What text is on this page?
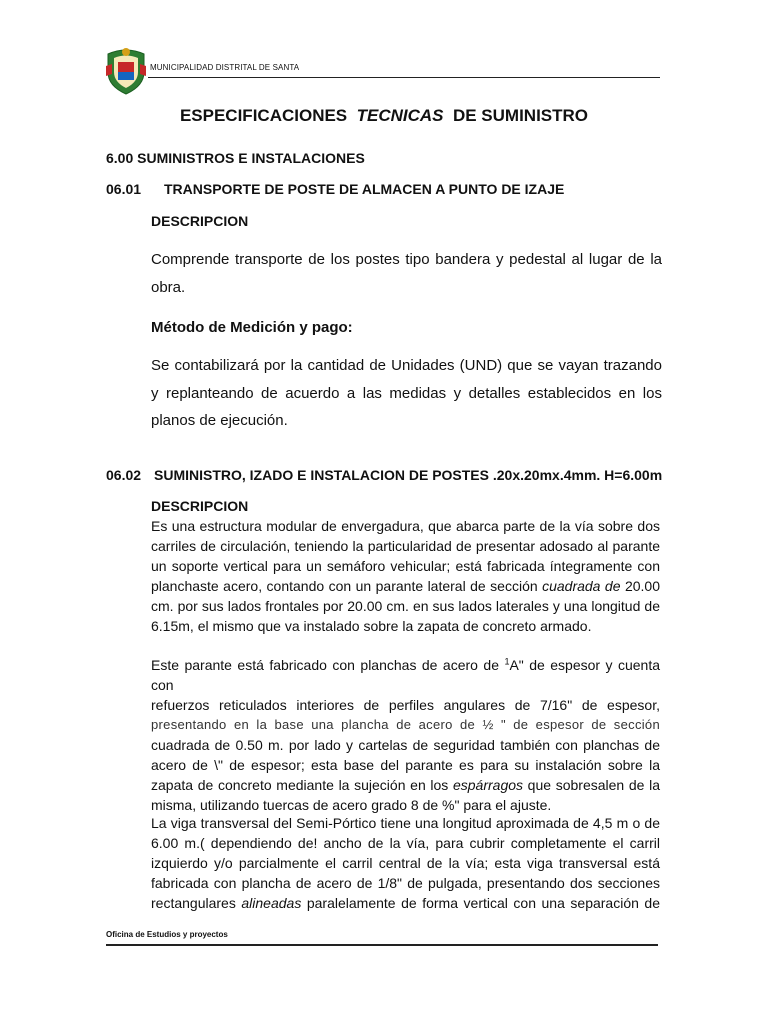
MUNICIPALIDAD DISTRITAL DE SANTA
ESPECIFICACIONES TECNICAS DE SUMINISTRO
6.00 SUMINISTROS E INSTALACIONES
06.01 TRANSPORTE DE POSTE DE ALMACEN A PUNTO DE IZAJE
DESCRIPCION
Comprende transporte de los postes tipo bandera y pedestal al lugar de la obra.
Método de Medición y pago:
Se contabilizará por la cantidad de Unidades (UND) que se vayan trazando y replanteando de acuerdo a las medidas y detalles establecidos en los planos de ejecución.
06.02 SUMINISTRO, IZADO E INSTALACION DE POSTES .20x.20mx.4mm. H=6.00m
DESCRIPCION
Es una estructura modular de envergadura, que abarca parte de la vía sobre dos
carriles de circulación, teniendo la particularidad de presentar adosado al parante
un soporte vertical para un semáforo vehicular; está fabricada íntegramente con
planchaste acero, contando con un parante lateral de sección cuadrada de 20.00
cm. por sus lados frontales por 20.00 cm. en sus lados laterales y una longitud de
6.15m, el mismo que va instalado sobre la zapata de concreto armado.
Este parante está fabricado con planchas de acero de $^1$A" de espesor y cuenta con
refuerzos reticulados interiores de perfiles angulares de 7/16" de espesor,
presentando en la base una plancha de acero de ½ " de espesor de sección
cuadrada de 0.50 m. por lado y cartelas de seguridad también con planchas de
acero de \" de espesor; esta base del parante es para su instalación sobre la
zapata de concreto mediante la sujeción en los espárragos que sobresalen de la
misma, utilizando tuercas de acero grado 8 de %" para el ajuste.
La viga transversal del Semi-Pórtico tiene una longitud aproximada de 4,5 m o de
6.00 m.( dependiendo de! ancho de la vía, para cubrir completamente el carril
izquierdo y/o parcialmente el carril central de la vía; esta viga transversal está
fabricada con plancha de acero de 1/8" de pulgada, presentando dos secciones
rectangulares alineadas paralelamente de forma vertical con una separación de
Oficina de Estudios y proyectos
